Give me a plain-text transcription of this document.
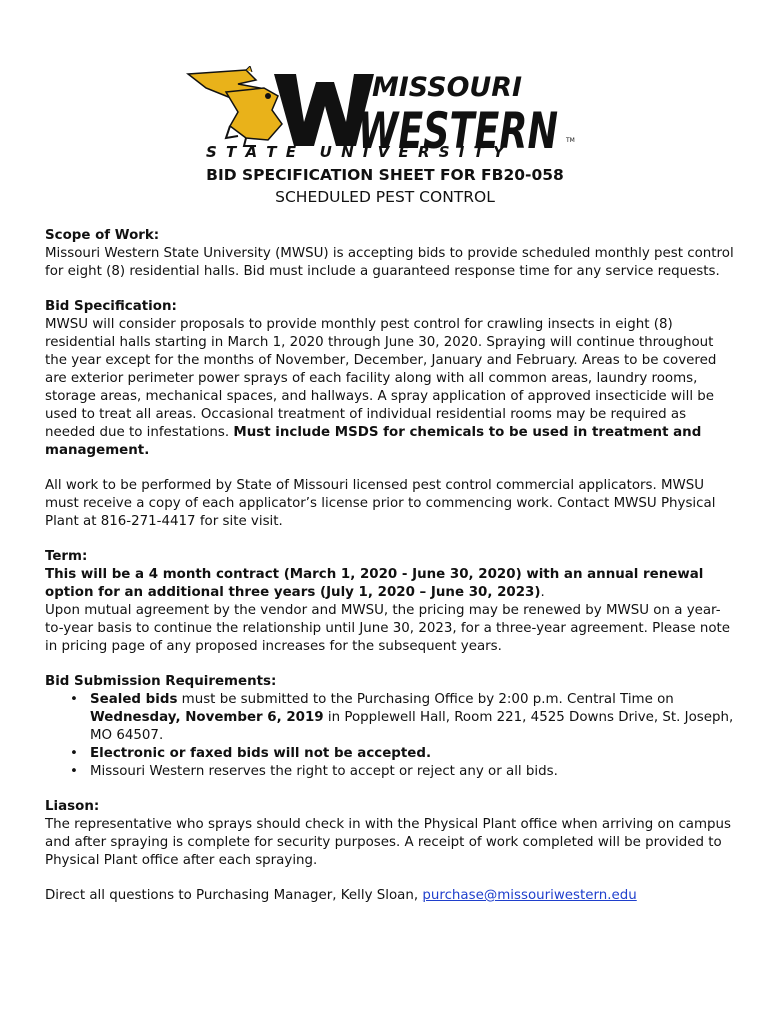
MISSOURI
WESTERN TM
S T A T E   U N I V E R S I T Y
BID SPECIFICATION SHEET FOR FB20-058
SCHEDULED PEST CONTROL

Scope of Work:

Missouri Western State University (MWSU) is accepting bids to provide scheduled monthly pest control for eight (8) residential halls. Bid must include a guaranteed response time for any service requests.

Bid Specification:

MWSU will consider proposals to provide monthly pest control for crawling insects in eight (8) residential halls starting in March 1, 2020 through June 30, 2020. Spraying will continue throughout the year except for the months of November, December, January and February. Areas to be covered are exterior perimeter power sprays of each facility along with all common areas, laundry rooms, storage areas, mechanical spaces, and hallways. A spray application of approved insecticide will be used to treat all areas. Occasional treatment of individual residential rooms may be required as needed due to infestations. Must include MSDS for chemicals to be used in treatment and management.

All work to be performed by State of Missouri licensed pest control commercial applicators. MWSU must receive a copy of each applicator’s license prior to commencing work. Contact MWSU Physical Plant at 816-271-4417 for site visit.

Term:

This will be a 4 month contract (March 1, 2020 - June 30, 2020) with an annual renewal option for an additional three years (July 1, 2020 – June 30, 2023).

Upon mutual agreement by the vendor and MWSU, the pricing may be renewed by MWSU on a year-to-year basis to continue the relationship until June 30, 2023, for a three-year agreement. Please note in pricing page of any proposed increases for the subsequent years.

Bid Submission Requirements:

• Sealed bids must be submitted to the Purchasing Office by 2:00 p.m. Central Time on Wednesday, November 6, 2019 in Popplewell Hall, Room 221, 4525 Downs Drive, St. Joseph, MO 64507.
• Electronic or faxed bids will not be accepted.
• Missouri Western reserves the right to accept or reject any or all bids.

Liason:

The representative who sprays should check in with the Physical Plant office when arriving on campus and after spraying is complete for security purposes. A receipt of work completed will be provided to Physical Plant office after each spraying.

Direct all questions to Purchasing Manager, Kelly Sloan, purchase@missouriwestern.edu
